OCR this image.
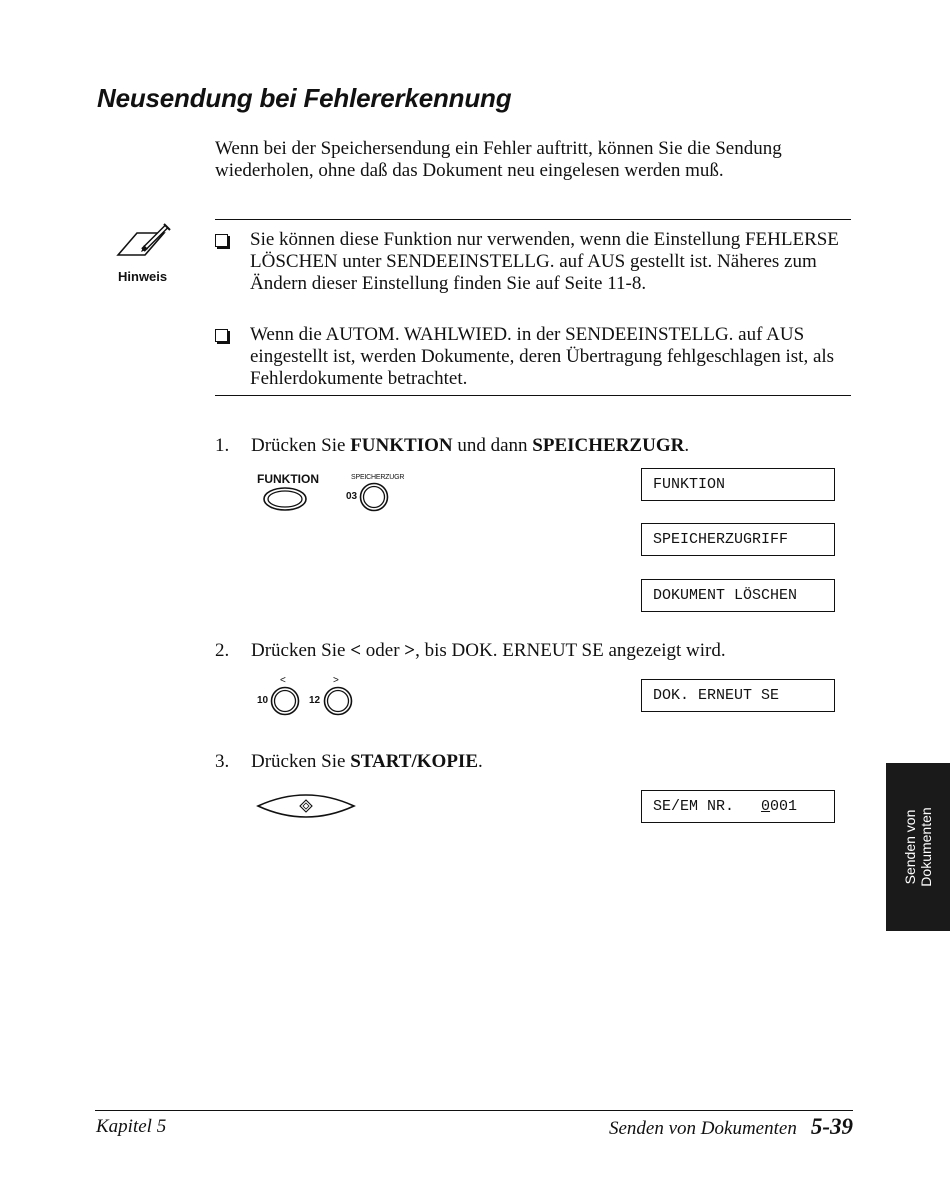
Neusendung bei Fehlererkennung

Wenn bei der Speichersendung ein Fehler auftritt, können Sie die Sendung wiederholen, ohne daß das Dokument neu eingelesen werden muß.

Hinweis
Sie können diese Funktion nur verwenden, wenn die Einstellung FEHLERSE LÖSCHEN unter SENDEEINSTELLG. auf AUS gestellt ist. Näheres zum Ändern dieser Einstellung finden Sie auf Seite 11-8.
Wenn die AUTOM. WAHLWIED. in der SENDEEINSTELLG. auf AUS eingestellt ist, werden Dokumente, deren Übertragung fehlgeschlagen ist, als Fehlerdokumente betrachtet.
1. Drücken Sie FUNKTION und dann SPEICHERZUGR.
FUNKTION	SPEICHERZUGR
03
FUNKTION
SPEICHERZUGRIFF
DOKUMENT LÖSCHEN
2. Drücken Sie < oder >, bis DOK. ERNEUT SE angezeigt wird.
<
10
>
12	DOK. ERNEUT SE
3. Drücken Sie START/KOPIE.
SE/EM NR.   0001
Senden von Dokumenten
Kapitel 5	Senden von Dokumenten 5-39
